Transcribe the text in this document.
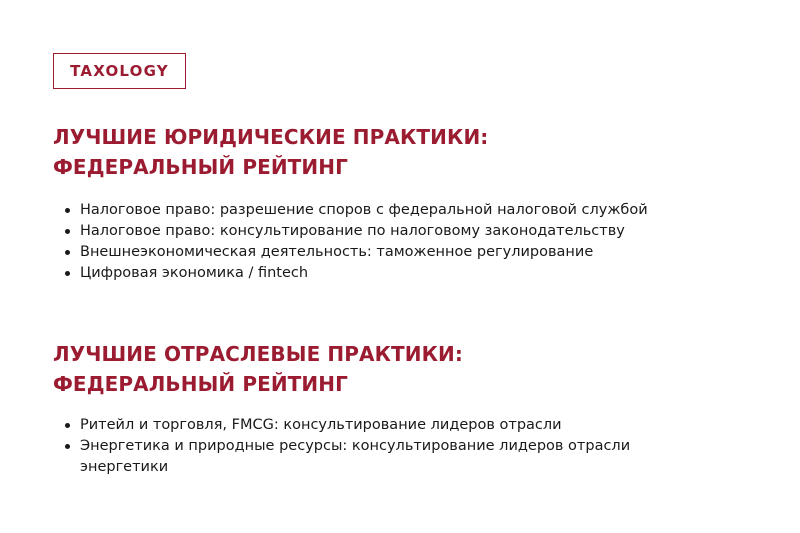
TAXOLOGY
ЛУЧШИЕ ЮРИДИЧЕСКИЕ ПРАКТИКИ:
ФЕДЕРАЛЬНЫЙ РЕЙТИНГ
Налоговое право: разрешение споров с федеральной налоговой службой
Налоговое право: консультирование по налоговому законодательству
Внешнеэкономическая деятельность: таможенное регулирование
Цифровая экономика / fintech
ЛУЧШИЕ ОТРАСЛЕВЫЕ ПРАКТИКИ:
ФЕДЕРАЛЬНЫЙ РЕЙТИНГ
Ритейл и торговля, FMCG: консультирование лидеров отрасли
Энергетика и природные ресурсы: консультирование лидеров отрасли энергетики
